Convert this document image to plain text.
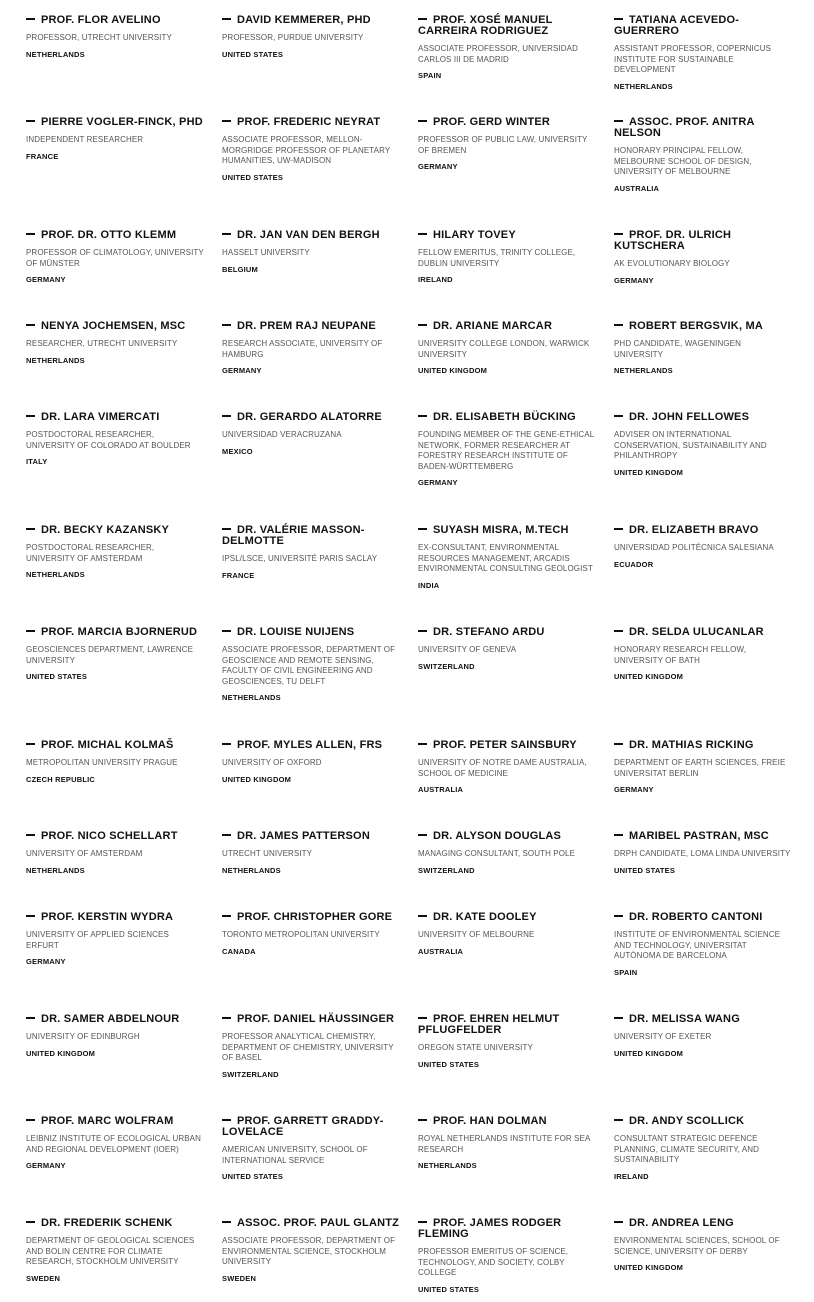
PROF. FLOR AVELINO
PROFESSOR, UTRECHT UNIVERSITY
NETHERLANDS
DAVID KEMMERER, PHD
PROFESSOR, PURDUE UNIVERSITY
UNITED STATES
PROF. XOSÉ MANUEL CARREIRA RODRIGUEZ
ASSOCIATE PROFESSOR, UNIVERSIDAD CARLOS III DE MADRID
SPAIN
TATIANA ACEVEDO-GUERRERO
ASSISTANT PROFESSOR, COPERNICUS INSTITUTE FOR SUSTAINABLE DEVELOPMENT
NETHERLANDS
PIERRE VOGLER-FINCK, PHD
INDEPENDENT RESEARCHER
FRANCE
PROF. FREDERIC NEYRAT
ASSOCIATE PROFESSOR, MELLON-MORGRIDGE PROFESSOR OF PLANETARY HUMANITIES, UW-MADISON
UNITED STATES
PROF. GERD WINTER
PROFESSOR OF PUBLIC LAW, UNIVERSITY OF BREMEN
GERMANY
ASSOC. PROF. ANITRA NELSON
HONORARY PRINCIPAL FELLOW, MELBOURNE SCHOOL OF DESIGN, UNIVERSITY OF MELBOURNE
AUSTRALIA
PROF. DR. OTTO KLEMM
PROFESSOR OF CLIMATOLOGY, UNIVERSITY OF MÜNSTER
GERMANY
DR. JAN VAN DEN BERGH
HASSELT UNIVERSITY
BELGIUM
HILARY TOVEY
FELLOW EMERITUS, TRINITY COLLEGE, DUBLIN UNIVERSITY
IRELAND
PROF. DR. ULRICH KUTSCHERA
AK EVOLUTIONARY BIOLOGY
GERMANY
NENYA JOCHEMSEN, MSC
RESEARCHER, UTRECHT UNIVERSITY
NETHERLANDS
DR. PREM RAJ NEUPANE
RESEARCH ASSOCIATE, UNIVERSITY OF HAMBURG
GERMANY
DR. ARIANE MARCAR
UNIVERSITY COLLEGE LONDON, WARWICK UNIVERSITY
UNITED KINGDOM
ROBERT BERGSVIK, MA
PHD CANDIDATE, WAGENINGEN UNIVERSITY
NETHERLANDS
DR. LARA VIMERCATI
POSTDOCTORAL RESEARCHER, UNIVERSITY OF COLORADO AT BOULDER
ITALY
DR. GERARDO ALATORRE
UNIVERSIDAD VERACRUZANA
MEXICO
DR. ELISABETH BÜCKING
FOUNDING MEMBER OF THE GENE-ETHICAL NETWORK, FORMER RESEARCHER AT FORESTRY RESEARCH INSTITUTE OF BADEN-WÜRTTEMBERG
GERMANY
DR. JOHN FELLOWES
ADVISER ON INTERNATIONAL CONSERVATION, SUSTAINABILITY AND PHILANTHROPY
UNITED KINGDOM
DR. BECKY KAZANSKY
POSTDOCTORAL RESEARCHER, UNIVERSITY OF AMSTERDAM
NETHERLANDS
DR. VALÉRIE MASSON-DELMOTTE
IPSL/LSCE, UNIVERSITÉ PARIS SACLAY
FRANCE
SUYASH MISRA, M.TECH
EX-CONSULTANT, ENVIRONMENTAL RESOURCES MANAGEMENT, ARCADIS ENVIRONMENTAL CONSULTING GEOLOGIST
INDIA
DR. ELIZABETH BRAVO
UNIVERSIDAD POLITÉCNICA SALESIANA
ECUADOR
PROF. MARCIA BJORNERUD
GEOSCIENCES DEPARTMENT, LAWRENCE UNIVERSITY
UNITED STATES
DR. LOUISE NUIJENS
ASSOCIATE PROFESSOR, DEPARTMENT OF GEOSCIENCE AND REMOTE SENSING, FACULTY OF CIVIL ENGINEERING AND GEOSCIENCES, TU DELFT
NETHERLANDS
DR. STEFANO ARDU
UNIVERSITY OF GENEVA
SWITZERLAND
DR. SELDA ULUCANLAR
HONORARY RESEARCH FELLOW, UNIVERSITY OF BATH
UNITED KINGDOM
PROF. MICHAL KOLMAŠ
METROPOLITAN UNIVERSITY PRAGUE
CZECH REPUBLIC
PROF. MYLES ALLEN, FRS
UNIVERSITY OF OXFORD
UNITED KINGDOM
PROF. PETER SAINSBURY
UNIVERSITY OF NOTRE DAME AUSTRALIA, SCHOOL OF MEDICINE
AUSTRALIA
DR. MATHIAS RICKING
DEPARTMENT OF EARTH SCIENCES, FREIE UNIVERSITAT BERLIN
GERMANY
PROF. NICO SCHELLART
UNIVERSITY OF AMSTERDAM
NETHERLANDS
DR. JAMES PATTERSON
UTRECHT UNIVERSITY
NETHERLANDS
DR. ALYSON DOUGLAS
MANAGING CONSULTANT, SOUTH POLE
SWITZERLAND
MARIBEL PASTRAN, MSC
DRPH CANDIDATE, LOMA LINDA UNIVERSITY
UNITED STATES
PROF. KERSTIN WYDRA
UNIVERSITY OF APPLIED SCIENCES ERFURT
GERMANY
PROF. CHRISTOPHER GORE
TORONTO METROPOLITAN UNIVERSITY
CANADA
DR. KATE DOOLEY
UNIVERSITY OF MELBOURNE
AUSTRALIA
DR. ROBERTO CANTONI
INSTITUTE OF ENVIRONMENTAL SCIENCE AND TECHNOLOGY, UNIVERSITAT AUTÒNOMA DE BARCELONA
SPAIN
DR. SAMER ABDELNOUR
UNIVERSITY OF EDINBURGH
UNITED KINGDOM
PROF. DANIEL HÄUSSINGER
PROFESSOR ANALYTICAL CHEMISTRY, DEPARTMENT OF CHEMISTRY, UNIVERSITY OF BASEL
SWITZERLAND
PROF. EHREN HELMUT PFLUGFELDER
OREGON STATE UNIVERSITY
UNITED STATES
DR. MELISSA WANG
UNIVERSITY OF EXETER
UNITED KINGDOM
PROF. MARC WOLFRAM
LEIBNIZ INSTITUTE OF ECOLOGICAL URBAN AND REGIONAL DEVELOPMENT (IOER)
GERMANY
PROF. GARRETT GRADDY-LOVELACE
AMERICAN UNIVERSITY, SCHOOL OF INTERNATIONAL SERVICE
UNITED STATES
PROF. HAN DOLMAN
ROYAL NETHERLANDS INSTITUTE FOR SEA RESEARCH
NETHERLANDS
DR. ANDY SCOLLICK
CONSULTANT STRATEGIC DEFENCE PLANNING, CLIMATE SECURITY, AND SUSTAINABILITY
IRELAND
DR. FREDERIK SCHENK
DEPARTMENT OF GEOLOGICAL SCIENCES AND BOLIN CENTRE FOR CLIMATE RESEARCH, STOCKHOLM UNIVERSITY
SWEDEN
ASSOC. PROF. PAUL GLANTZ
ASSOCIATE PROFESSOR, DEPARTMENT OF ENVIRONMENTAL SCIENCE, STOCKHOLM UNIVERSITY
SWEDEN
PROF. JAMES RODGER FLEMING
PROFESSOR EMERITUS OF SCIENCE, TECHNOLOGY, AND SOCIETY, COLBY COLLEGE
UNITED STATES
DR. ANDREA LENG
ENVIRONMENTAL SCIENCES, SCHOOL OF SCIENCE, UNIVERSITY OF DERBY
UNITED KINGDOM
